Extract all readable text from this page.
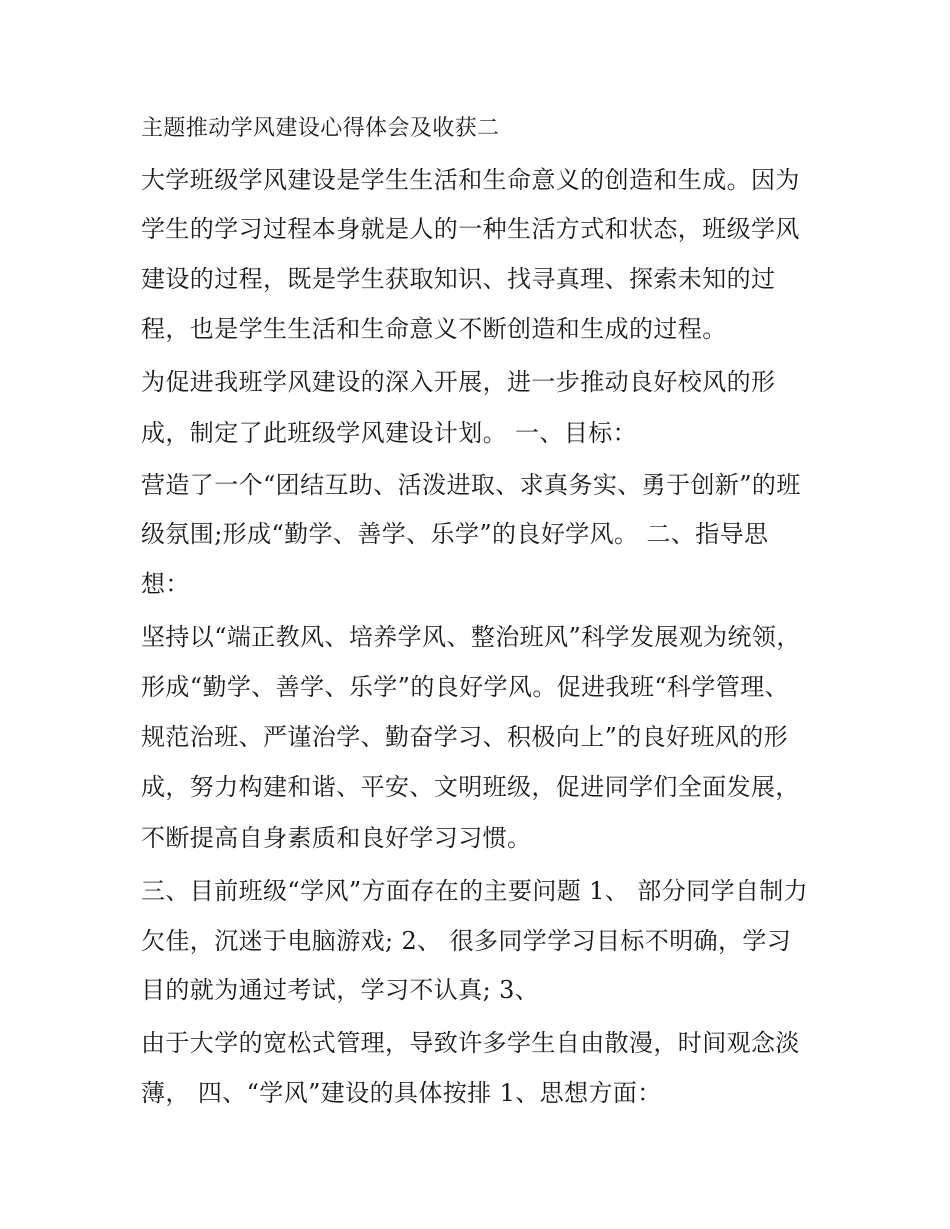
主题推动学风建设心得体会及收获二
大学班级学风建设是学生生活和生命意义的创造和生成。因为
学生的学习过程本身就是人的一种生活方式和状态，班级学风
建设的过程，既是学生获取知识、找寻真理、探索未知的过
程，也是学生生活和生命意义不断创造和生成的过程。
为促进我班学风建设的深入开展，进一步推动良好校风的形
成，制定了此班级学风建设计划。 一、目标：
营造了一个“团结互助、活泼进取、求真务实、勇于创新”的班
级氛围;形成“勤学、善学、乐学”的良好学风。 二、指导思
想：
坚持以“端正教风、培养学风、整治班风”科学发展观为统领，
形成“勤学、善学、乐学”的良好学风。促进我班“科学管理、
规范治班、严谨治学、勤奋学习、积极向上”的良好班风的形
成，努力构建和谐、平安、文明班级，促进同学们全面发展，
不断提高自身素质和良好学习习惯。
三、目前班级“学风”方面存在的主要问题 1、 部分同学自制力
欠佳，沉迷于电脑游戏; 2、 很多同学学习目标不明确，学习
目的就为通过考试，学习不认真; 3、
由于大学的宽松式管理，导致许多学生自由散漫，时间观念淡
薄， 四、“学风”建设的具体按排 1、思想方面：
